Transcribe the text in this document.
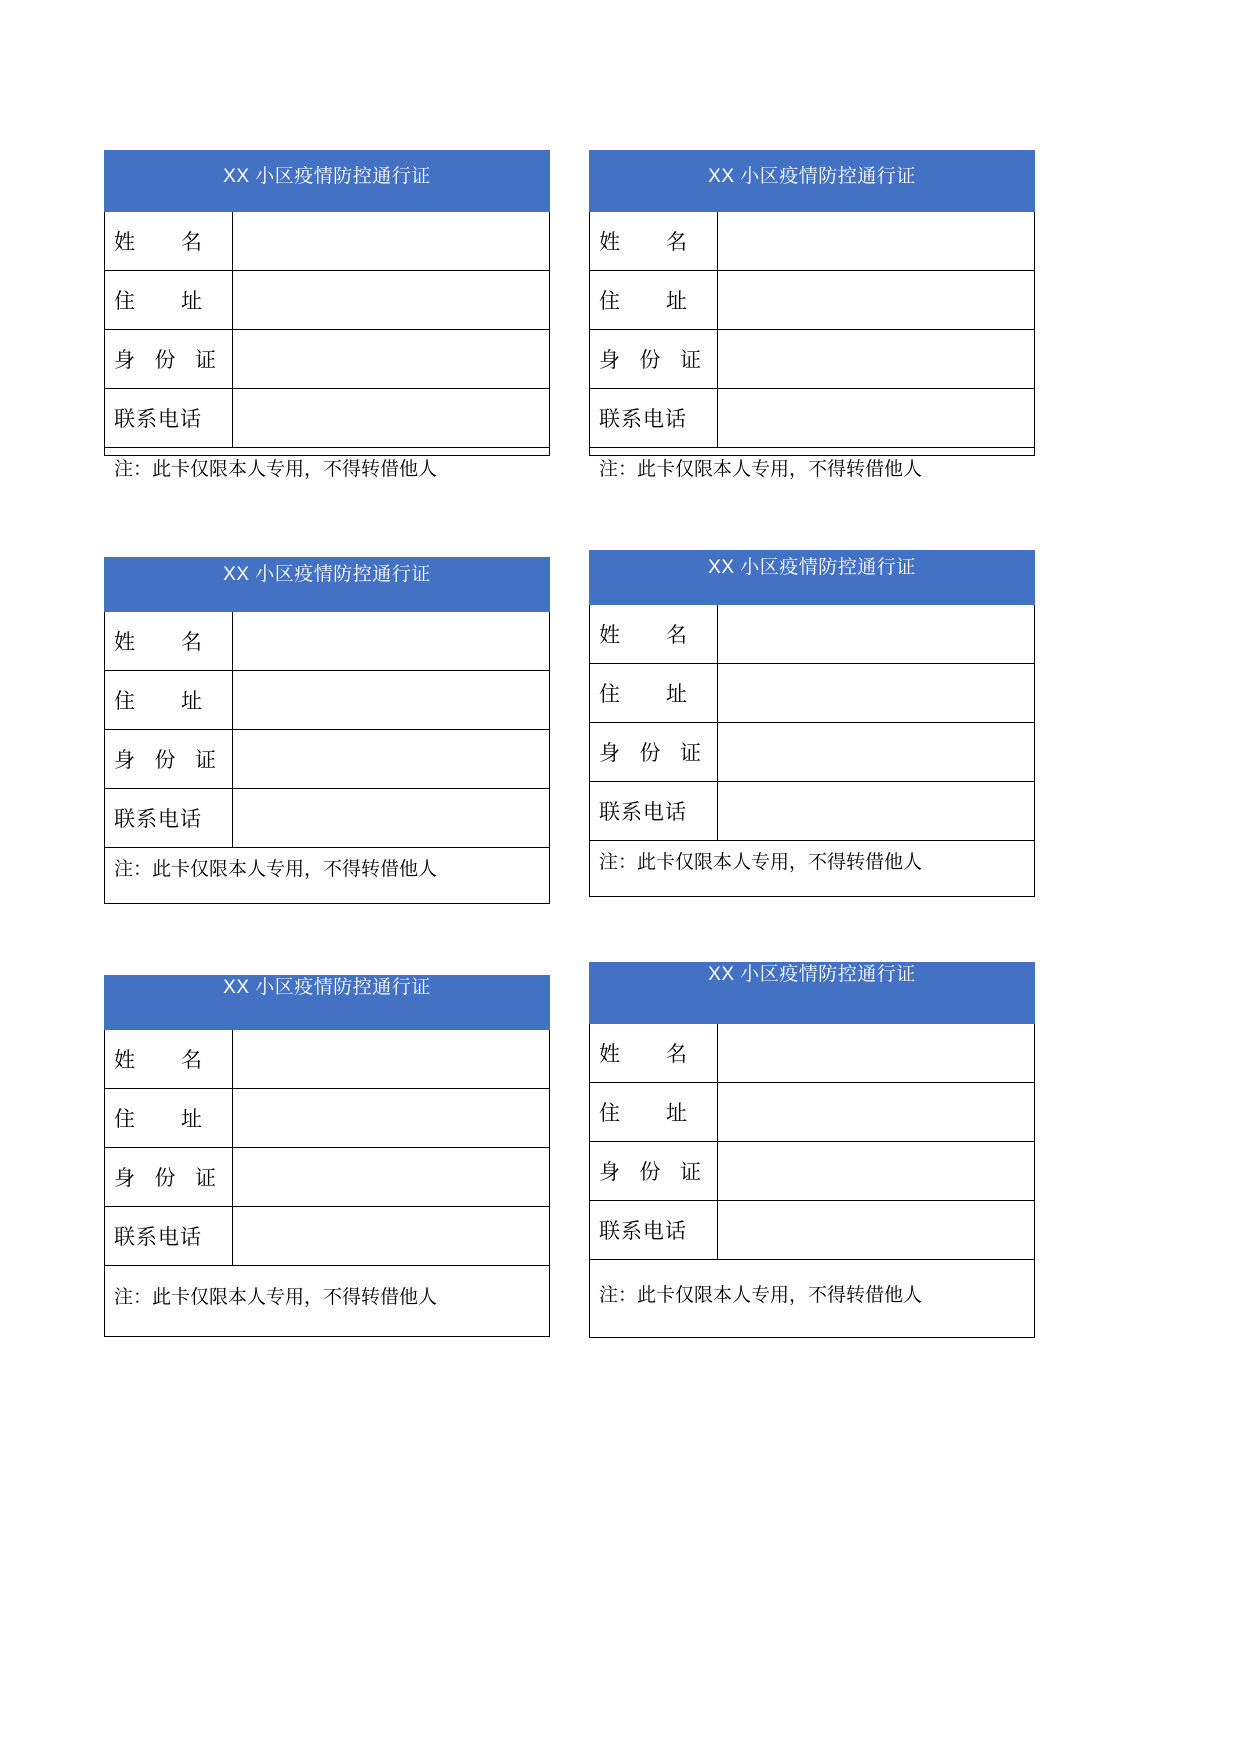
XX 小区疫情防控通行证
姓 名
住 址
身 份 证
联系电话
注：此卡仅限本人专用，不得转借他人
XX 小区疫情防控通行证
姓 名
住 址
身 份 证
联系电话
注：此卡仅限本人专用，不得转借他人
XX 小区疫情防控通行证
姓 名
住 址
身 份 证
联系电话
注：此卡仅限本人专用，不得转借他人
XX 小区疫情防控通行证
姓 名
住 址
身 份 证
联系电话
注：此卡仅限本人专用，不得转借他人
XX 小区疫情防控通行证
姓 名
住 址
身 份 证
联系电话
注：此卡仅限本人专用，不得转借他人
XX 小区疫情防控通行证
姓 名
住 址
身 份 证
联系电话
注：此卡仅限本人专用，不得转借他人
